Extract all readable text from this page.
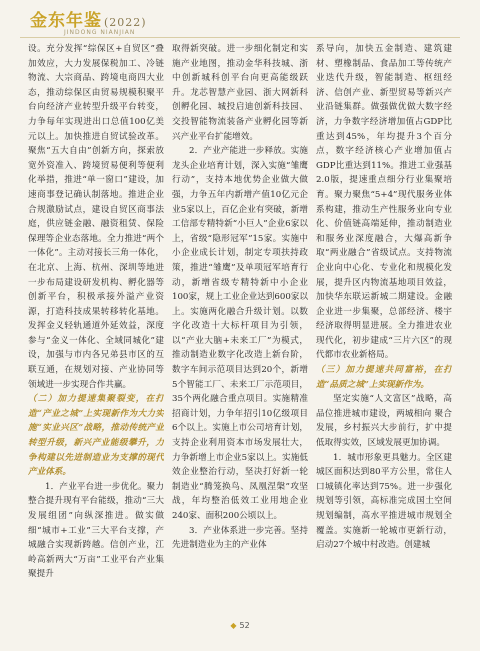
金东年鉴 (2022)
JINDONG NIANJIAN

设。充分发挥“综保区+自贸区”叠加效应，大力发展保税加工、冷链物流、大宗商品、跨境电商四大业态，推动综保区由贸易规模积聚平台向经济产业转型升级平台转变，力争每年实现进出口总值100亿美元以上。加快推进自贸试验改革。聚焦“五大自由”创新方向，探索放宽外资准入、跨境贸易便利等便利化举措，推进“单一窗口”建设，加速商事登记确认制落地。推进企业合规激励试点，建设自贸区商事法庭，供应链金融、融资租赁、保险保理等企业态落地。全力推进“两个一体化”。主动对接长三角一体化，在北京、上海、杭州、深圳等地进一步布局建设研发机构、孵化器等创新平台，积极承接外溢产业资源，打造科技成果转移转化基地。发挥金义轻轨通道外延效益，深度参与“金义一体化、全域同城化”建设，加强与市内各兄弟县市区的互联互通，在规划对接、产业协同等领域进一步实现合作共赢。

（二）加力提速集聚裂变，在打造“产业之城”上实现新作为大力实施“实业兴区”战略，推动传统产业转型升级，新兴产业能级攀升，力争构建以先进制造业为支撑的现代产业体系。

1．产业平台进一步优化。聚力整合提升现有平台能级，推动“三大发展组团”向纵深推进。做实做细“城市+工业”三大平台支撑，产城融合实现新跨越。信创产业，江岭高新两大“万亩”工业平台产业集聚提升

取得新突破。进一步细化制定和实施产业地图，推动金华科技城、浙中创新城科创平台向更高能级跃升。龙芯智慧产业园、浙大网新科创孵化园、城投启迪创新科技园、交投智能物流装备产业孵化园等新兴产业平台扩能增效。

2．产业产能进一步释放。实施龙头企业培育计划，深入实施“雏鹰行动”，支持本地优势企业做大做强，力争五年内新增产值10亿元企业5家以上，百亿企业有突破，新增工信部专精特新“小巨人”企业6家以上，省级“隐形冠军”15家。实施中小企业成长计划，制定专项扶持政策，推进“雏鹰”及单项冠军培育行动，新增省级专精特新中小企业100家，规上工业企业达到600家以上。实施两化融合升级计划。以数字化改造十大标杆项目为引领，以“产业大脑+未来工厂”为模式，推动制造业数字化改造上新台阶，数字车间示范项目达到20个，新增5个智能工厂、未来工厂示范项目，35个两化融合重点项目。实施精准招商计划，力争年招引10亿级项目6个以上。实施上市公司培育计划，支持企业利用资本市场发展壮大，力争新增上市企业5家以上。实施低效企业整治行动，坚决打好新一轮制造业“腾笼换鸟、凤凰涅槃”攻坚战，年均整治低效工业用地企业240家、面积200公顷以上。

3．产业体系进一步完善。坚持先进制造业为主的产业体

系导向，加快五金制造、建筑建材、塑橡制品、食品加工等传统产业迭代升级，智能制造、枢纽经济、信创产业、新型贸易等新兴产业沿链集群。做强做优做大数字经济，力争数字经济增加值占GDP比重达到45%，年均提升3个百分点，数字经济核心产业增加值占GDP比重达到11%。推进工业强基2.0版，提速重点细分行业集聚培育。聚力聚焦“5+4”现代服务业体系构建，推动生产性服务业向专业化、价值链高端延伸，推动制造业和服务业深度融合，大爆高新争取“两业融合”省级试点。支持物流企业向中心化、专业化和规模化发展，提升区内物流基地项目效益，加快华东联运新城二期建设。金融企业进一步集聚，总部经济、楼宇经济取得明显进展。全力推进农业现代化，初步建成“三片六区”的现代都市农业新格局。

（三）加力提速共同富裕，在打造“品质之城”上实现新作为。

坚定实施“人文富区”战略，高品位推进城市建设，两城相向 聚合发展，乡村振兴大步前行，扩中提低取得实效，区域发展更加协调。

1．城市形象更具魅力。全区建城区面积达到80平方公里，常住人口城镇化率达到75%。进一步强化规划等引领，高标准完成国土空间规划编制，高水平推进城市规划全覆盖。实施新一轮城市更新行动，启动27个城中村改造。创建城

◆ 52
